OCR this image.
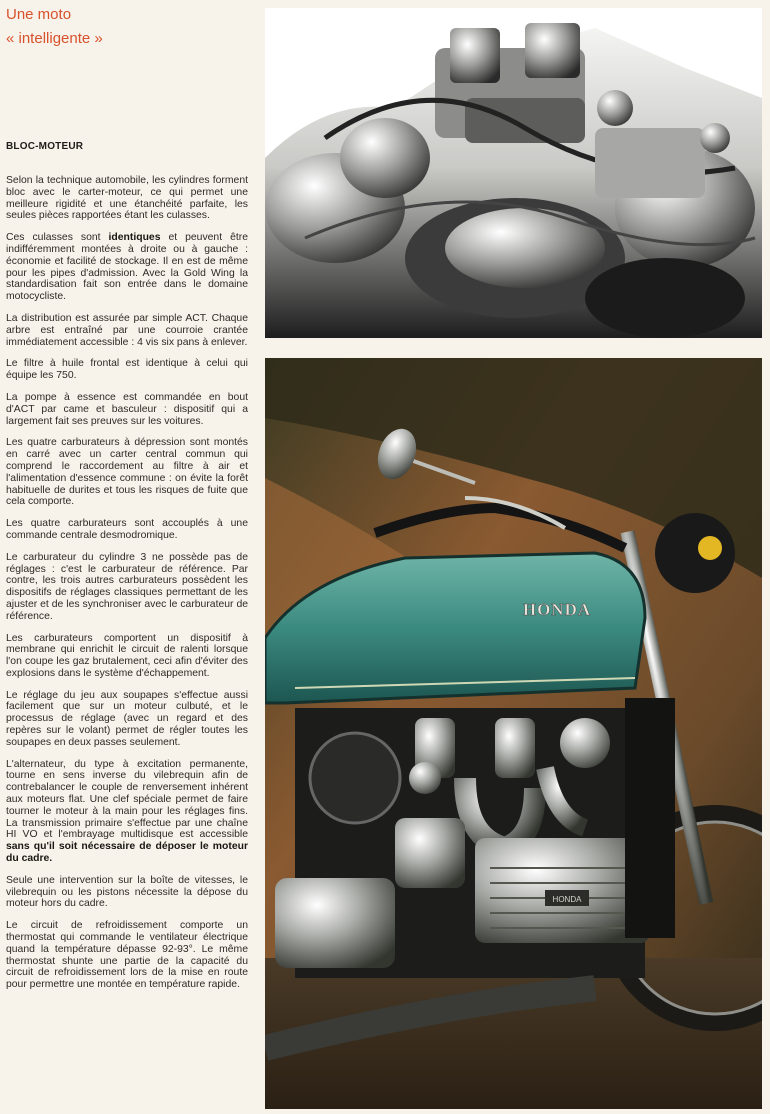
Une moto
« intelligente »
BLOC-MOTEUR

Selon la technique automobile, les cylindres forment bloc avec le carter-moteur, ce qui permet une meilleure rigidité et une étanchéité parfaite, les seules pièces rapportées étant les culasses.

Ces culasses sont identiques et peuvent être indifféremment montées à droite ou à gauche : économie et facilité de stockage. Il en est de même pour les pipes d'admission. Avec la Gold Wing la standardisation fait son entrée dans le domaine motocycliste.

La distribution est assurée par simple ACT. Chaque arbre est entraîné par une courroie crantée immédiatement accessible : 4 vis six pans à enlever.

Le filtre à huile frontal est identique à celui qui équipe les 750.

La pompe à essence est commandée en bout d'ACT par came et basculeur : dispositif qui a largement fait ses preuves sur les voitures.

Les quatre carburateurs à dépression sont montés en carré avec un carter central commun qui comprend le raccordement au filtre à air et l'alimentation d'essence commune : on évite la forêt habituelle de durites et tous les risques de fuite que cela comporte.

Les quatre carburateurs sont accouplés à une commande centrale desmodromique.

Le carburateur du cylindre 3 ne possède pas de réglages : c'est le carburateur de référence. Par contre, les trois autres carburateurs possèdent les dispositifs de réglages classiques permettant de les ajuster et de les synchroniser avec le carburateur de référence.

Les carburateurs comportent un dispositif à membrane qui enrichit le circuit de ralenti lorsque l'on coupe les gaz brutalement, ceci afin d'éviter des explosions dans le système d'échappement.

Le réglage du jeu aux soupapes s'effectue aussi facilement que sur un moteur culbuté, et le processus de réglage (avec un regard et des repères sur le volant) permet de régler toutes les soupapes en deux passes seulement.

L'alternateur, du type à excitation permanente, tourne en sens inverse du vilebrequin afin de contrebalancer le couple de renversement inhérent aux moteurs flat. Une clef spéciale permet de faire tourner le moteur à la main pour les réglages fins. La transmission primaire s'effectue par une chaîne HI VO et l'embrayage multidisque est accessible sans qu'il soit nécessaire de déposer le moteur du cadre.

Seule une intervention sur la boîte de vitesses, le vilebrequin ou les pistons nécessite la dépose du moteur hors du cadre.

Le circuit de refroidissement comporte un thermostat qui commande le ventilateur électrique quand la température dépasse 92-93°. Le même thermostat shunte une partie de la capacité du circuit de refroidissement lors de la mise en route pour permettre une montée en température rapide.

HONDA
HONDA
